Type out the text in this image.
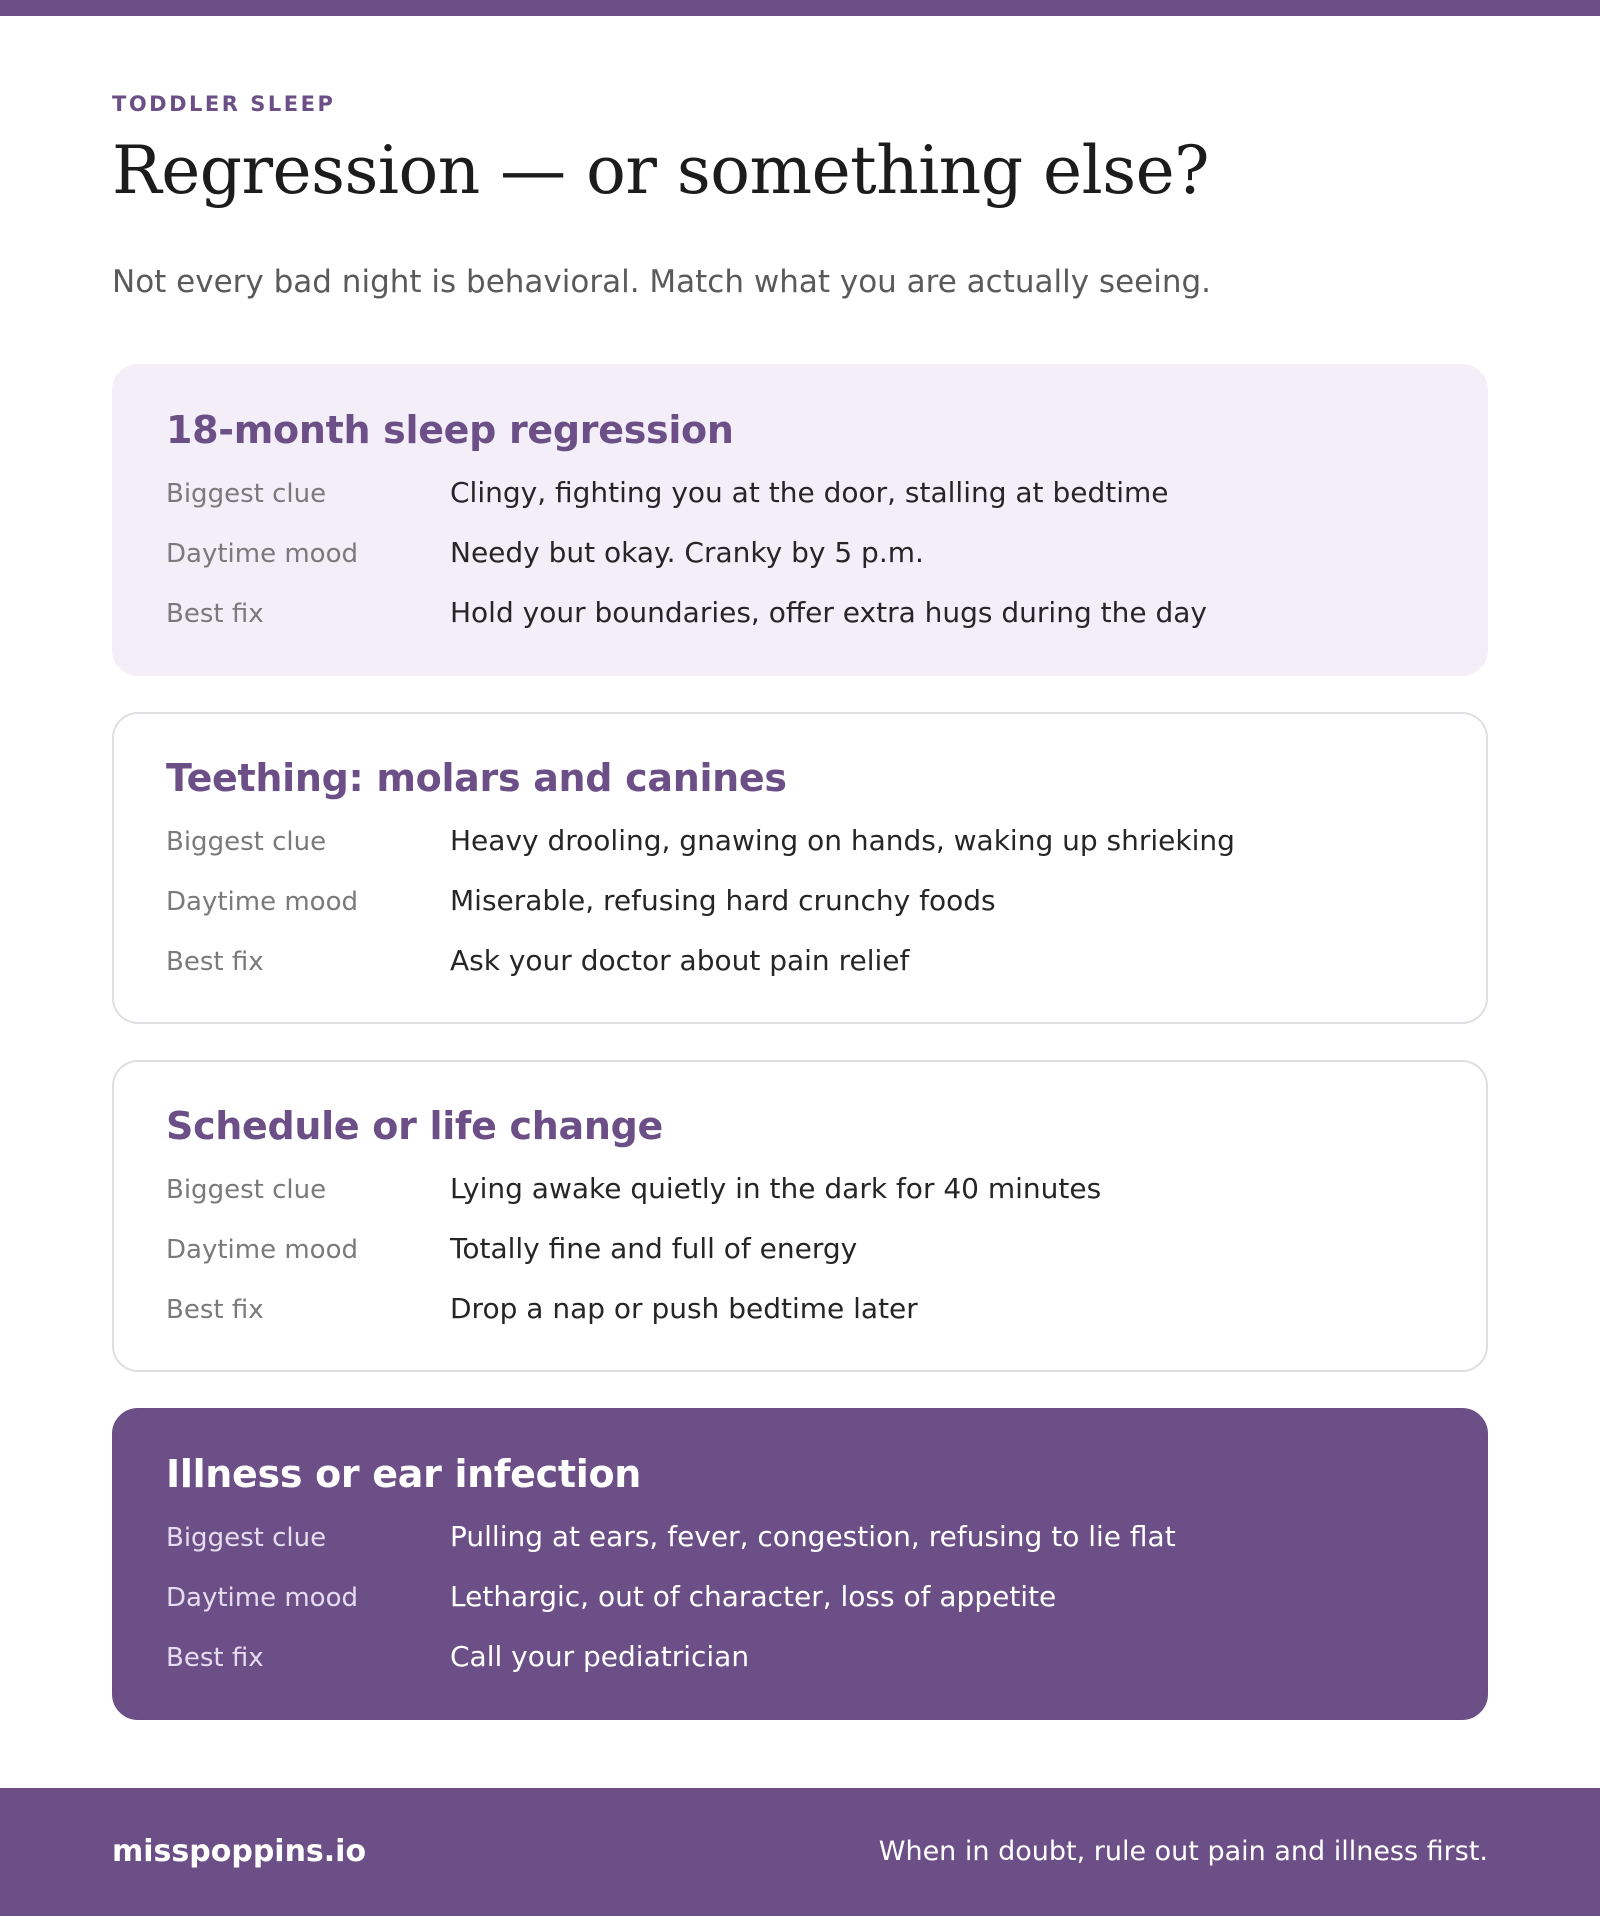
TODDLER SLEEP
Regression — or something else?

Not every bad night is behavioral. Match what you are actually seeing.

18-month sleep regression
Biggest clue	Clingy, fighting you at the door, stalling at bedtime
Daytime mood	Needy but okay. Cranky by 5 p.m.
Best fix	Hold your boundaries, offer extra hugs during the day
Teething: molars and canines
Biggest clue	Heavy drooling, gnawing on hands, waking up shrieking
Daytime mood	Miserable, refusing hard crunchy foods
Best fix	Ask your doctor about pain relief
Schedule or life change
Biggest clue	Lying awake quietly in the dark for 40 minutes
Daytime mood	Totally fine and full of energy
Best fix	Drop a nap or push bedtime later
Illness or ear infection
Biggest clue	Pulling at ears, fever, congestion, refusing to lie flat
Daytime mood	Lethargic, out of character, loss of appetite
Best fix	Call your pediatrician
misspoppins.io	When in doubt, rule out pain and illness first.
